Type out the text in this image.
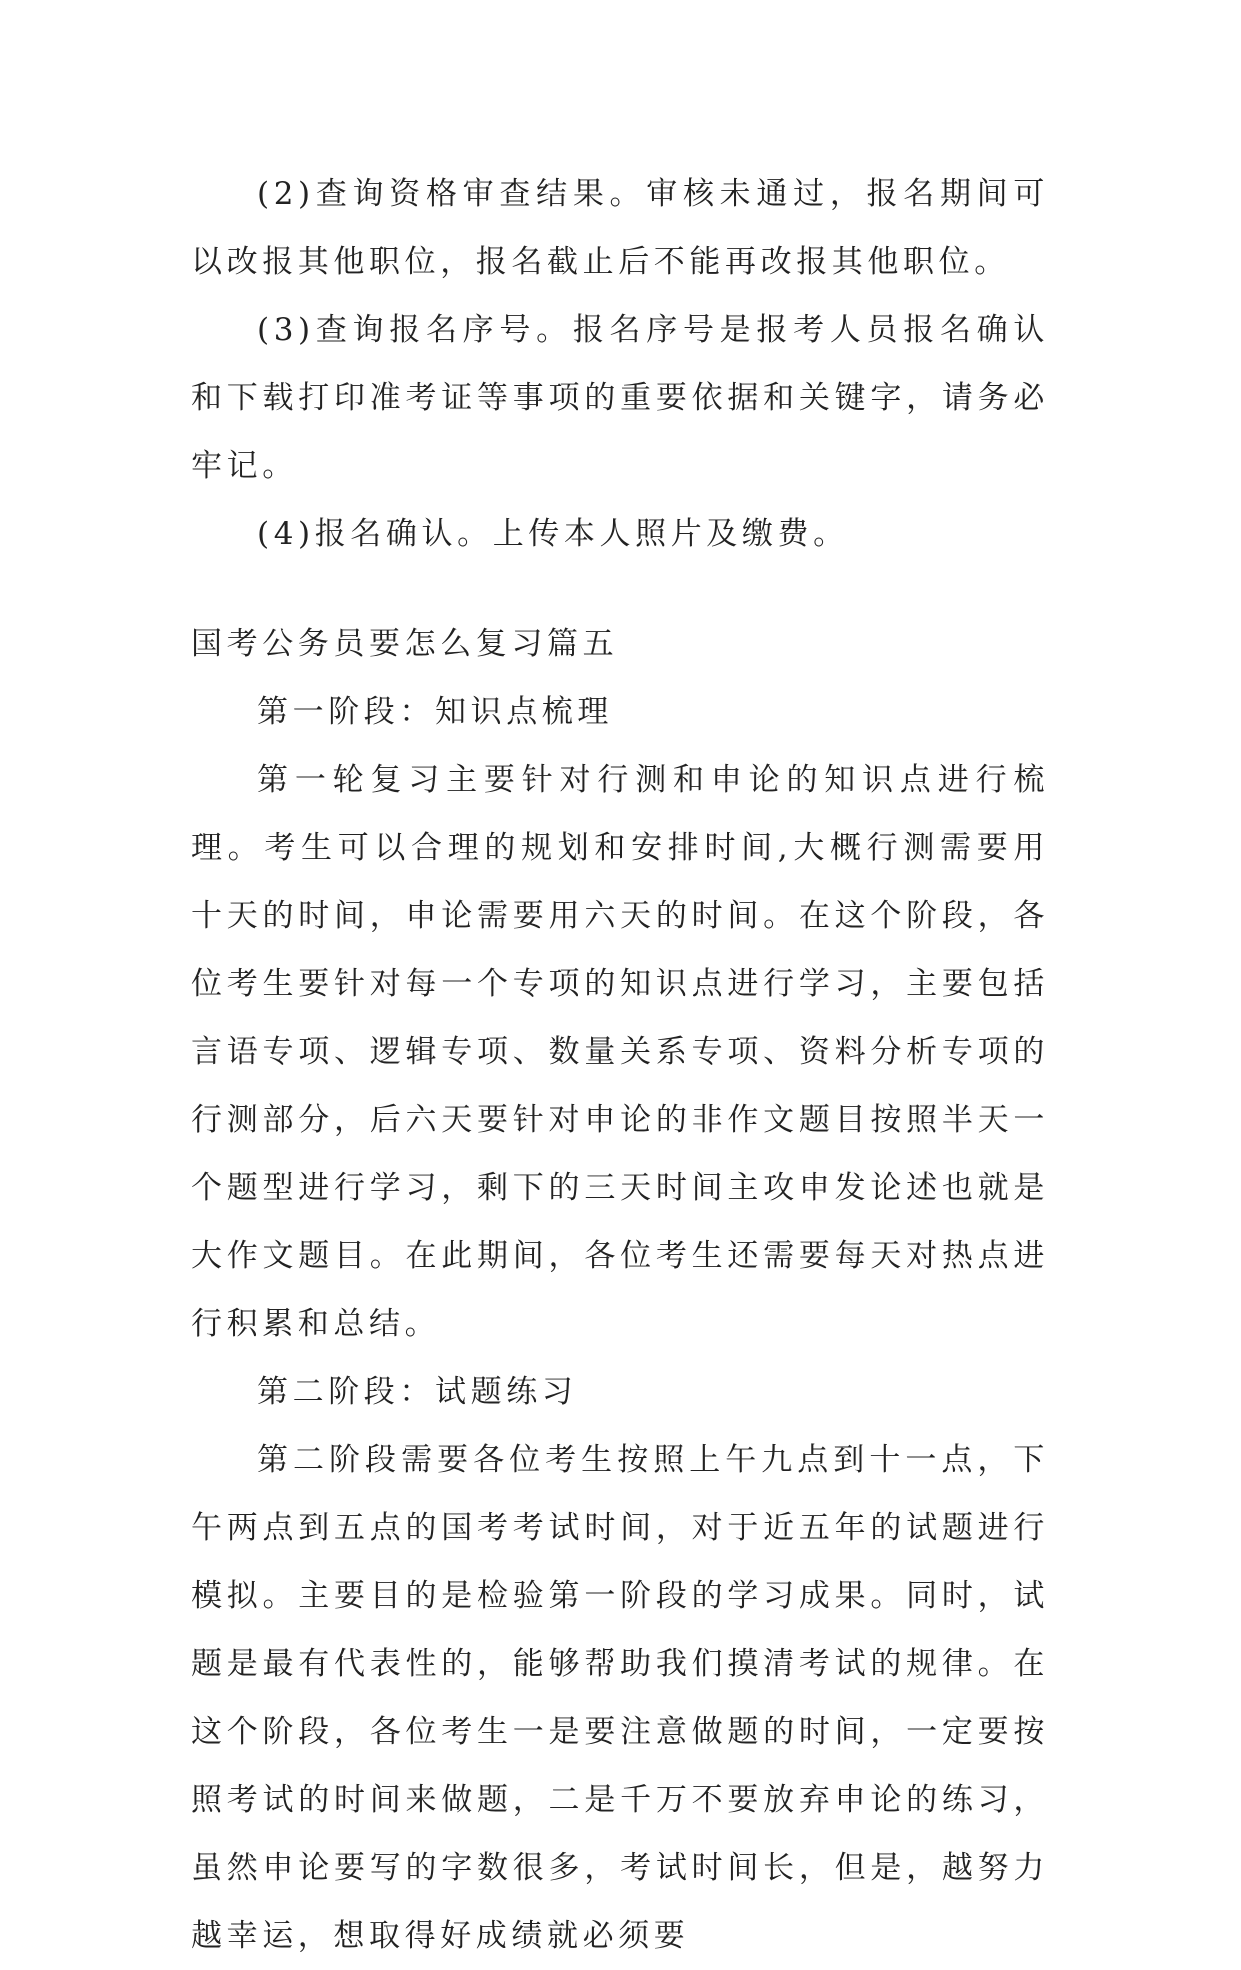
(2)查询资格审查结果。审核未通过，报名期间可以改报其他职位，报名截止后不能再改报其他职位。

(3)查询报名序号。报名序号是报考人员报名确认和下载打印准考证等事项的重要依据和关键字，请务必牢记。

(4)报名确认。上传本人照片及缴费。

国考公务员要怎么复习篇五

第一阶段：知识点梳理

第一轮复习主要针对行测和申论的知识点进行梳理。考生可以合理的规划和安排时间,大概行测需要用十天的时间，申论需要用六天的时间。在这个阶段，各位考生要针对每一个专项的知识点进行学习，主要包括言语专项、逻辑专项、数量关系专项、资料分析专项的行测部分，后六天要针对申论的非作文题目按照半天一个题型进行学习，剩下的三天时间主攻申发论述也就是大作文题目。在此期间，各位考生还需要每天对热点进行积累和总结。

第二阶段：试题练习

第二阶段需要各位考生按照上午九点到十一点，下午两点到五点的国考考试时间，对于近五年的试题进行模拟。主要目的是检验第一阶段的学习成果。同时，试题是最有代表性的，能够帮助我们摸清考试的规律。在这个阶段，各位考生一是要注意做题的时间，一定要按照考试的时间来做题，二是千万不要放弃申论的练习，虽然申论要写的字数很多，考试时间长，但是，越努力越幸运，想取得好成绩就必须要
